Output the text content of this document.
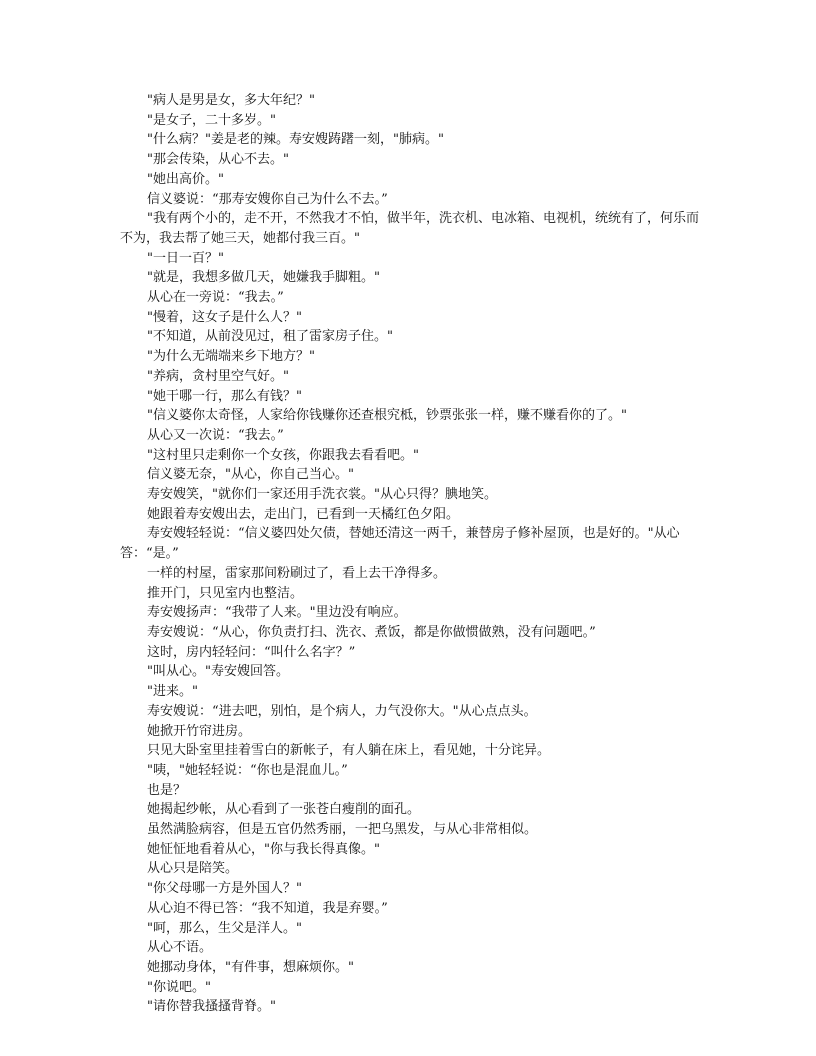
"病人是男是女，多大年纪？"

"是女子，二十多岁。"

"什么病？"姜是老的辣。寿安嫂踌躇一刻，"肺病。"

"那会传染，从心不去。"

"她出高价。"

信义婆说：“那寿安嫂你自己为什么不去。”

"我有两个小的，走不开，不然我才不怕，做半年，洗衣机、电冰箱、电视机，统统有了，何乐而不为，我去帮了她三天，她都付我三百。"

"一日一百？"

"就是，我想多做几天，她嫌我手脚粗。"

从心在一旁说：“我去。”

"慢着，这女子是什么人？"

"不知道，从前没见过，租了雷家房子住。"

"为什么无端端来乡下地方？"

"养病，贪村里空气好。"

"她干哪一行，那么有钱？"

"信义婆你太奇怪，人家给你钱赚你还查根究柢，钞票张张一样，赚不赚看你的了。"

从心又一次说：“我去。”

"这村里只走剩你一个女孩，你跟我去看看吧。"

信义婆无奈，"从心，你自己当心。"

寿安嫂笑，"就你们一家还用手洗衣裳。"从心只得？腆地笑。

她跟着寿安嫂出去，走出门，已看到一天橘红色夕阳。

寿安嫂轻轻说：“信义婆四处欠债，替她还清这一两千，兼替房子修补屋顶，也是好的。"从心答：“是。”

一样的村屋，雷家那间粉刷过了，看上去干净得多。

推开门，只见室内也整洁。

寿安嫂扬声：“我带了人来。"里边没有响应。

寿安嫂说：“从心，你负责打扫、洗衣、煮饭，都是你做惯做熟，没有问题吧。”

这时，房内轻轻问：“叫什么名字？”

"叫从心。"寿安嫂回答。

"进来。"

寿安嫂说：“进去吧，别怕，是个病人，力气没你大。"从心点点头。

她掀开竹帘进房。

只见大卧室里挂着雪白的新帐子，有人躺在床上，看见她，十分诧异。

"咦，"她轻轻说：“你也是混血儿。”

也是？

她揭起纱帐，从心看到了一张苍白瘦削的面孔。

虽然满脸病容，但是五官仍然秀丽，一把乌黑发，与从心非常相似。

她怔怔地看着从心，"你与我长得真像。"

从心只是陪笑。

"你父母哪一方是外国人？"

从心迫不得已答：“我不知道，我是弃婴。”

"呵，那么，生父是洋人。"

从心不语。

她挪动身体，"有件事，想麻烦你。"

"你说吧。"

"请你替我搔搔背脊。"
